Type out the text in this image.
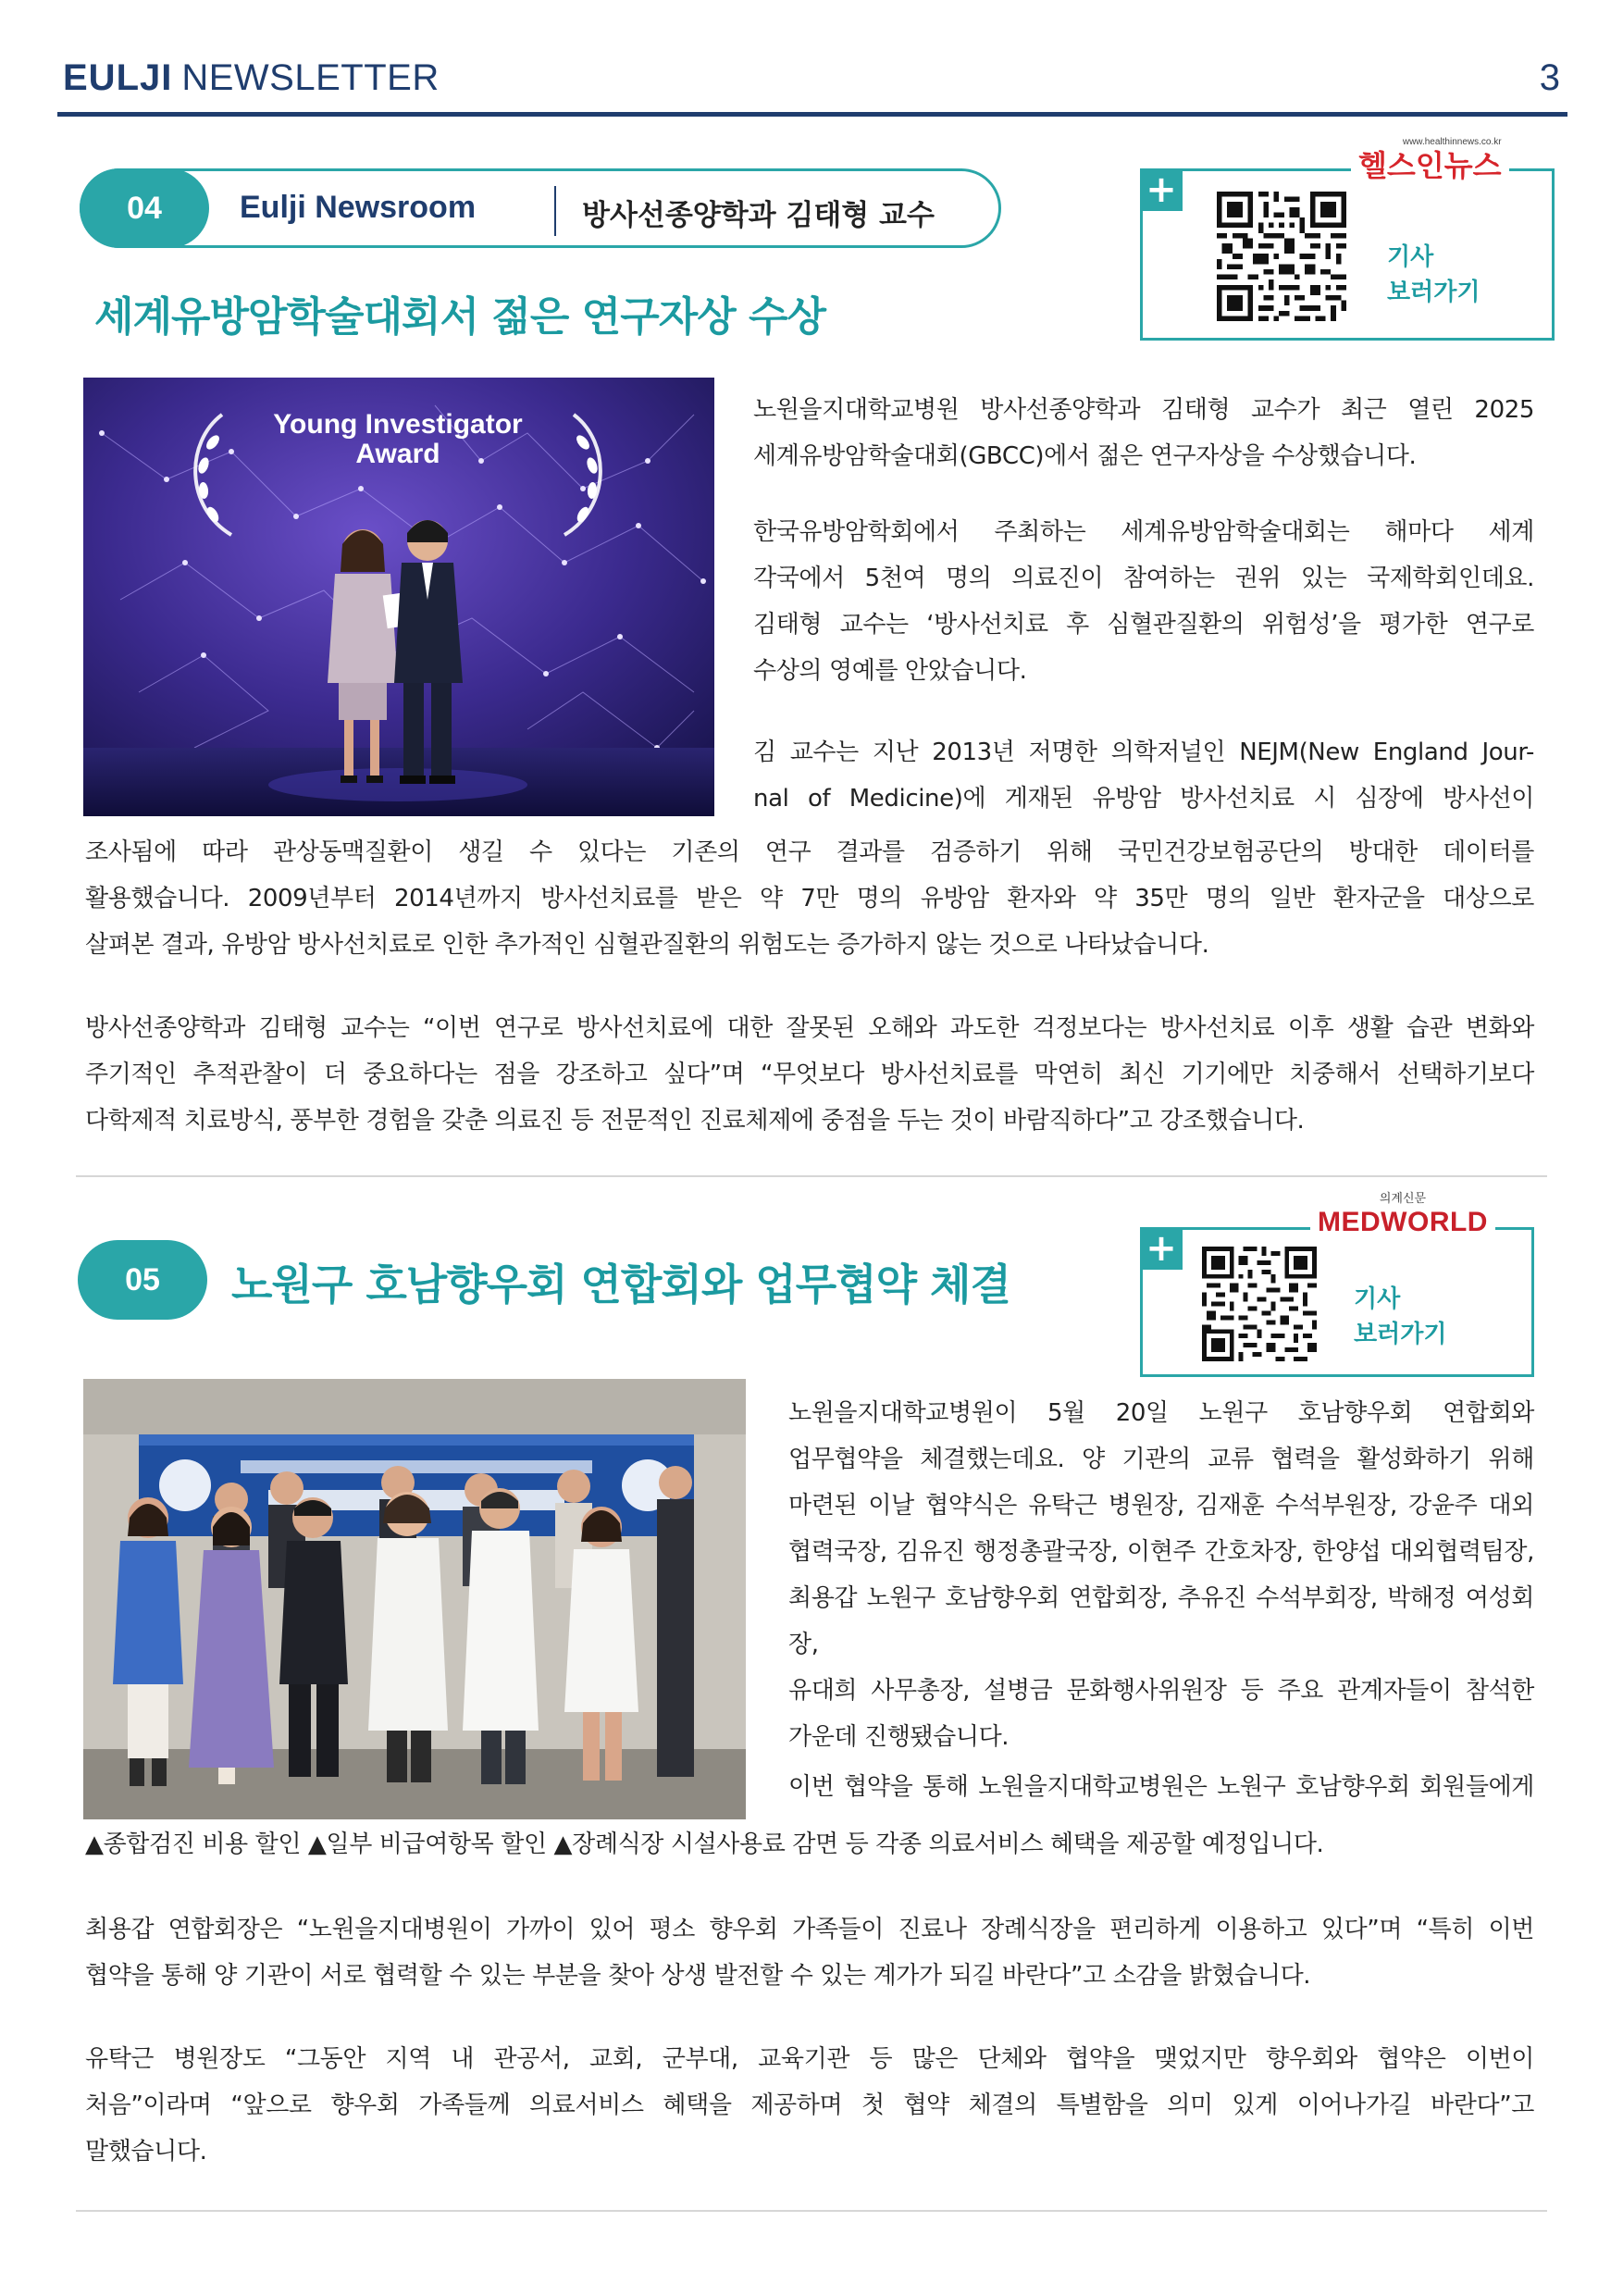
EULJI NEWSLETTER	3
04	Eulji Newsroom	방사선종양학과 김태형 교수
세계유방암학술대회서 젊은 연구자상 수상
+
기사
보러가기
www.healthinnews.co.kr
헬스인뉴스
Young Investigator
Award
노원을지대학교병원 방사선종양학과 김태형 교수가 최근 열린 2025
세계유방암학술대회(GBCC)에서 젊은 연구자상을 수상했습니다.
한국유방암학회에서 주최하는 세계유방암학술대회는 해마다 세계
각국에서 5천여 명의 의료진이 참여하는 권위 있는 국제학회인데요.
김태형 교수는 ‘방사선치료 후 심혈관질환의 위험성’을 평가한 연구로
수상의 영예를 안았습니다.
김 교수는 지난 2013년 저명한 의학저널인 NEJM(New England Jour-
nal of Medicine)에 게재된 유방암 방사선치료 시 심장에 방사선이
조사됨에 따라 관상동맥질환이 생길 수 있다는 기존의 연구 결과를 검증하기 위해 국민건강보험공단의 방대한 데이터를
활용했습니다. 2009년부터 2014년까지 방사선치료를 받은 약 7만 명의 유방암 환자와 약 35만 명의 일반 환자군을 대상으로
살펴본 결과, 유방암 방사선치료로 인한 추가적인 심혈관질환의 위험도는 증가하지 않는 것으로 나타났습니다.
방사선종양학과 김태형 교수는 “이번 연구로 방사선치료에 대한 잘못된 오해와 과도한 걱정보다는 방사선치료 이후 생활 습관 변화와
주기적인 추적관찰이 더 중요하다는 점을 강조하고 싶다”며 “무엇보다 방사선치료를 막연히 최신 기기에만 치중해서 선택하기보다
다학제적 치료방식, 풍부한 경험을 갖춘 의료진 등 전문적인 진료체제에 중점을 두는 것이 바람직하다”고 강조했습니다.
05	노원구 호남향우회 연합회와 업무협약 체결
+
기사
보러가기
의계신문
MEDWORLD
노원을지대학교병원이 5월 20일 노원구 호남향우회 연합회와
업무협약을 체결했는데요. 양 기관의 교류 협력을 활성화하기 위해
마련된 이날 협약식은 유탁근 병원장, 김재훈 수석부원장, 강윤주 대외
협력국장, 김유진 행정총괄국장, 이현주 간호차장, 한양섭 대외협력팀장,
최용갑 노원구 호남향우회 연합회장, 추유진 수석부회장, 박해정 여성회장,
유대희 사무총장, 설병금 문화행사위원장 등 주요 관계자들이 참석한
가운데 진행됐습니다.
이번 협약을 통해 노원을지대학교병원은 노원구 호남향우회 회원들에게
▲종합검진 비용 할인 ▲일부 비급여항목 할인 ▲장례식장 시설사용료 감면 등 각종 의료서비스 혜택을 제공할 예정입니다.
최용갑 연합회장은 “노원을지대병원이 가까이 있어 평소 향우회 가족들이 진료나 장례식장을 편리하게 이용하고 있다”며 “특히 이번
협약을 통해 양 기관이 서로 협력할 수 있는 부분을 찾아 상생 발전할 수 있는 계가가 되길 바란다”고 소감을 밝혔습니다.
유탁근 병원장도 “그동안 지역 내 관공서, 교회, 군부대, 교육기관 등 많은 단체와 협약을 맺었지만 향우회와 협약은 이번이
처음”이라며 “앞으로 향우회 가족들께 의료서비스 혜택을 제공하며 첫 협약 체결의 특별함을 의미 있게 이어나가길 바란다”고
말했습니다.
